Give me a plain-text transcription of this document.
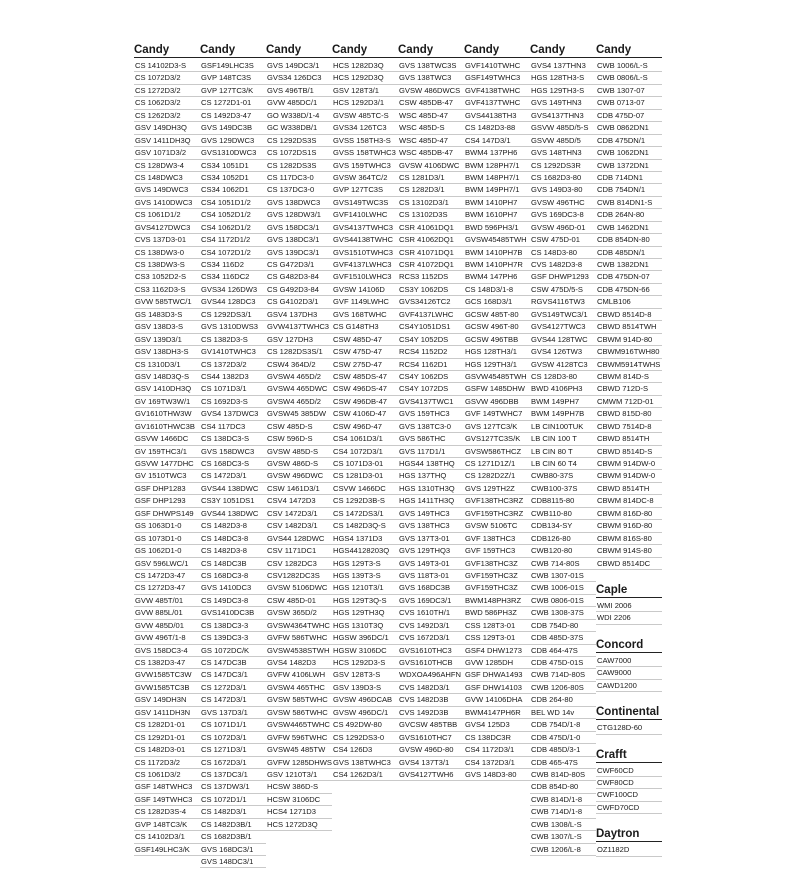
Candy
CS 14102D3-S
CS 1072D3/2
CS 1272D3/2
CS 1062D3/2
CS 1262D3/2
GSV 149DH3Q
GSV 1411DH3Q
GSV 1071D3/2
CS 128DW3-4
CS 148DWC3
GVS 149DWC3
GVS 1410DWC3
CS 1061D1/2
GVS4127DWC3
CVS 137D3-01
CS 138DW3-0
CS 138DW3-S
CS3 1052D2-S
CS3 1162D3-S
GVW 585TWC/1
GS 1483D3-S
GSV 138D3-S
GSV 139D3/1
GSV 138DH3-S
CS 1310D3/1
GSV 148D3Q-S
GSV 1410DH3Q
GV 169TW3W/1
GV1610THW3W
GV1610THWC3B
GSVW 1466DC
GV 159THC3/1
GSVW 1477DHC
GV 1510TWC3
GSF DHP1283
GSF DHP1293
GSF DHWPS149
GS 1063D1-0
GS 1073D1-0
GS 1062D1-0
GSV 596LWC/1
CS 1472D3-47
CS 1272D3-47
GVW 485T/01
GVW 885L/01
GVW 485D/01
GVW 496T/1-8
GVS 158DC3-4
CS 1382D3-47
GVW1585TC3W
GVW1585TC3B
GSV 149DH3N
GSV 1411DH3N
CS 1282D1-01
CS 1292D1-01
CS 1482D3-01
CS 1172D3/2
CS 1061D3/2
GSF 148TWHC3
GSF 149TWHC3
CS 1282D3S-4
GVP 148TC3/K
CS 14102D3/1
GSF149LHC3/K
Candy
GSF149LHC3S
GVP 148TC3S
GVP 127TC3/K
CS 1272D1-01
CS 1492D3-47
GVS 149DC3B
GVS 129DWC3
GVS1310DWC3
CS34 1051D1
CS34 1052D1
CS34 1062D1
CS4 1051D1/2
CS4 1052D1/2
CS4 1062D1/2
CS4 1172D1/2
CS4 1072D1/2
CS34 116D2
CS34 116DC2
GVS34 126DW3
GVS44 128DC3
CS 1292DS3/1
GVS 1310DWS3
CS 1382D3-S
GV1410TWHC3
CS 1372D3/2
CS44 1382D3
CS 1071D3/1
CS 1692D3-S
GVS4 137DWC3
CS4 117DC3
CS 138DC3-S
GVS 158DWC3
CS 168DC3-S
CS 1472D3/1
GVS44 138DWC
CS3Y 1051DS1
GVS44 138DWC
CS 1482D3-8
CS 148DC3-8
CS 1482D3-8
CS 148DC3B
CS 168DC3-8
GVS 1410DC3
CS 149DC3-8
GVS1410DC3B
CS 138DC3-3
CS 139DC3-3
GS 1072DC/K
CS 147DC3B
CS 147DC3/1
CS 1272D3/1
CS 1472D3/1
GVS 137D3/1
CS 1071D1/1
CS 1072D3/1
CS 1271D3/1
CS 1672D3/1
CS 137DC3/1
CS 137DW3/1
CS 1072D1/1
CS 1482D3/1
CS 1482D3B/1
CS 1682D3B/1
GVS 168DC3/1
GVS 148DC3/1
Candy
GVS 149DC3/1
GVS34 126DC3
GVS 496TB/1
GVW 485DC/1
GO W338D/1-4
GC W338DB/1
CS 1292DS3S
CS 1072DS1S
CS 1282DS3S
CS 117DC3-0
CS 137DC3-0
GVS 138DWC3
GVS 128DW3/1
GVS 158DC3/1
GVS 138DC3/1
GVS 139DC3/1
CS G472D3/1
CS G482D3-84
CS G492D3-84
CS G4102D3/1
GSV4 137DH3
GVW4137TWHC3
GSV 127DH3
CS 1282DS3S/1
CSW4 364D/2
GVSW4 465D/2
GVSW4 465DWC
GVSW4 465D/2
GVSW45 385DW
CSW 485D-S
CSW 596D-S
GVSW 485D-S
GVSW 486D-S
GVSW 496DWC
CSW 1461D3/1
CSV4 1472D3
CSV 1472D3/1
CSV 1482D3/1
GVS44 128DWC
CSV 1171DC1
CSV 1282DC3
CSV1282DC3S
GVSW 5106DWC
CSW 485D-01
GVSW 365D/2
GVSW4364TWHC
GVFW 586TWHC
GVSW4538STWH
GVS4 1482D3
GVFW 4106LWH
GVSW4 465THC
GVSW 585TWHC
GVSW 586TWHC
GVSW4465TWHC
GVFW 596TWHC
GVSW45 485TW
GVFW 1285DHWS
GSV 1210T3/1
HCSW 386D-S
HCSW 3106DC
HCS4 1271D3
HCS 1272D3Q
Candy
HCS 1282D3Q
HCS 1292D3Q
GSV 128T3/1
HCS 1292D3/1
GVSW 485TC-S
GVS34 126TC3
GVSS 158TH3-S
GVSS 158TWHC3
GVS 159TWHC3
GVSW 364TC/2
GVP 127TC3S
GVS149TWC3S
GVF1410LWHC
GVS4137TWHC3
GVS44138TWHC
GVS1510TWHC3
GVF4137LWHC3
GVF1510LWHC3
GVSW 14106D
GVF 1149LWHC
GVS 168TWHC
CS G148TH3
CSW 485D-47
CSW 475D-47
CSW 275D-47
CSW 485DS-47
CSW 496DS-47
CSW 496DB-47
CSW 4106D-47
CSW 496D-47
CS4 1061D3/1
CS4 1072D3/1
CS 1071D3-01
CS 1281D3-01
CSVW 1466DC
CS 1292D3B-S
CS 1472DS3/1
CS 1482D3Q-S
HGS4 1371D3
HGS44128203Q
HGS 129T3-S
HGS 139T3-S
HGS 1210T3/1
HGS 129T3Q-S
HGS 129TH3Q
HGS 1310T3Q
HGSW 396DC/1
HGSW 3106DC
HCS 1292D3-S
GSV 128T3-S
GSV 139D3-S
GVSW 496DCAB
GVSW 496DC/1
CS 492DW-80
CS 1292DS3-0
CS4 126D3
GVS 138TWHC3
CS4 1262D3/1
Candy
GVS 138TWC3S
GVS 138TWC3
GVSW 486DWCS
CSW 485DB-47
WSC 485D-47
WSC 485D-S
WSC 485D-47
WSC 485DB-47
GVSW 4106DWC
CS 1281D3/1
CS 1282D3/1
CS 13102D3/1
CS 13102D3S
CSR 41061DQ1
CSR 41062DQ1
CSR 41071DQ1
CSR 41072DQ1
RCS3 1152DS
CS3Y 1062DS
GVS34126TC2
GVF4137LWHC
CS4Y1051DS1
CS4Y 1052DS
RCS4 1152D2
RCS4 1162D1
CS4Y 1062DS
CS4Y 1072DS
GVS4137TWC1
GVS 159THC3
GVS 138TC3-0
GVS 586THC
GVS 117D1/1
HGS44 138THQ
HGS 137THQ
HGS 1310TH3Q
HGS 1411TH3Q
GVS 149THC3
GVS 138THC3
GVS 137T3-01
GVS 129THQ3
GVS 149T3-01
GVS 118T3-01
GVS 168DC3B
GVS 169DC3/1
CVS 1610TH/1
CVS 1492D3/1
CVS 1672D3/1
GVS1610THC3
GVS1610THCB
WDXOA496AHFN
CVS 1482D3/1
CVS 1482D3B
CVS 1492D3B
GVCSW 485TBB
GVS1610THC7
GVSW 496D-80
GVS4 137T3/1
GVS4127TWH6
Candy
GVF1410TWHC
GSF149TWHC3
GVF4138TWHC
GVF4137TWHC
GVS44138TH3
CS 1482D3-88
CS4 147D3/1
BWM4 137PH6
BWM 128PH7/1
BWM 148PH7/1
BWM 149PH7/1
BWM 1410PH7
BWM 1610PH7
BWD 596PH3/1
GVSW45485TWH
BWM 1410PH7B
BWM 1410PH7R
BWM4 147PH6
CS 148D3/1-8
GCS 168D3/1
GCSW 485T-80
GCSW 496T-80
GCSW 496TBB
HGS 128TH3/1
HGS 129TH3/1
GSVW45485TWH
GSFW 1485DHW
GSVW 496DBB
GVF 149TWHC7
GVS 127TC3/K
GVS127TC3S/K
GVSW586THCZ
CS 1271D1Z/1
CS 1282D2Z/1
GVS 129TH2Z
GVF138THC3RZ
GVF159THC3RZ
GVSW 5106TC
GVF 138THC3
GVF 159THC3
GVF138THC3Z
GVF159THC3Z
GVF159THC3Z
BWM148PH3RZ
BWD 586PH3Z
CSS 128T3-01
CSS 129T3-01
GSF4 DHW1273
GVW 1285DH
GSF DHWA1493
GSF DHW14103
GVW 14106DHA
BWM4147PH6R
GVS4 125D3
CS 138DC3R
CS4 1172D3/1
CS4 1372D3/1
GVS 148D3-80
Candy
GVS4 137THN3
HGS 128TH3-S
HGS 129TH3-S
GVS 149THN3
GVS4137THN3
GSVW 485D/5-S
GSVW 485D/5
GVS 148THN3
CS 1292DS3R
CS 1682D3-80
GVS 149D3-80
GVSW 496THC
GVS 169DC3-8
GVSW 496D-01
CSW 475D-01
CS 148D3-80
CVS 1482D3-8
GSF DHWP1293
CSW 475D/5-S
RGVS4116TW3
GVS149TWC3/1
GVS4127TWC3
GVS44 128TWC
GVS4 126TW3
GVSW 4128TC3
CS 128D3-80
BWD 4106PH3
BWM 149PH7
BWM 149PH7B
LB CIN100TUK
LB CIN 100 T
LB CIN 80 T
LB CIN 60 T4
CWB80-37S
CWB100-37S
CDB8115-80
CWB110-80
CDB134-SY
CDB126-80
CWB120-80
CWB 714-80S
CWB 1307-01S
CWB 1006-01S
CWB 0806-01S
CWB 1308-37S
CDB 754D-80
CDB 485D-37S
CDB 464-47S
CDB 475D-01S
CWB 714D-80S
CWB 1206-80S
CDB 264-80
BEL WD 14v
CDB 754D/1-8
CDB 475D/1-0
CDB 485D/3-1
CDB 465-47S
CWB 814D-80S
CDB 854D-80
CWB 814D/1-8
CWB 714D/1-8
CWB 1308/L-S
CWB 1307/L-S
CWB 1206/L-8
Candy
CWB 1006/L-S
CWB 0806/L-S
CWB 1307-07
CWB 0713-07
CDB 475D-07
CWB 0862DN1
CDB 475DN/1
CWB 1062DN1
CWB 1372DN1
CDB 714DN1
CDB 754DN/1
CWB 814DN1-S
CDB 264N-80
CWB 1462DN1
CDB 854DN-80
CDB 485DN/1
CWB 1382DN1
CDB 475DN-07
CDB 475DN-66
CMLB106
CBWD 8514D-8
CBWD 8514TWH
CBWM 914D-80
CBWM916TWH80
CBWM5914TWHS
CBWM 814D-S
CBWD 712D-S
CMWM 712D-01
CBWD 815D-80
CBWD 7514D-8
CBWD 8514TH
CBWD 8514D-S
CBWM 914DW-0
CBWM 914DW-0
CBWD 8514TH
CBWM 814DC-8
CBWM 816D-80
CBWM 916D-80
CBWM 816S-80
CBWM 914S-80
CBWD 8514DC
Caple
WMI 2006
WDI 2206
Concord
CAW7000
CAW9000
CAWD1200
Continental
CTG128D-60
Crafft
CWF60CD
CWF80CD
CWF100CD
CWFD70CD
Daytron
OZ1182D
